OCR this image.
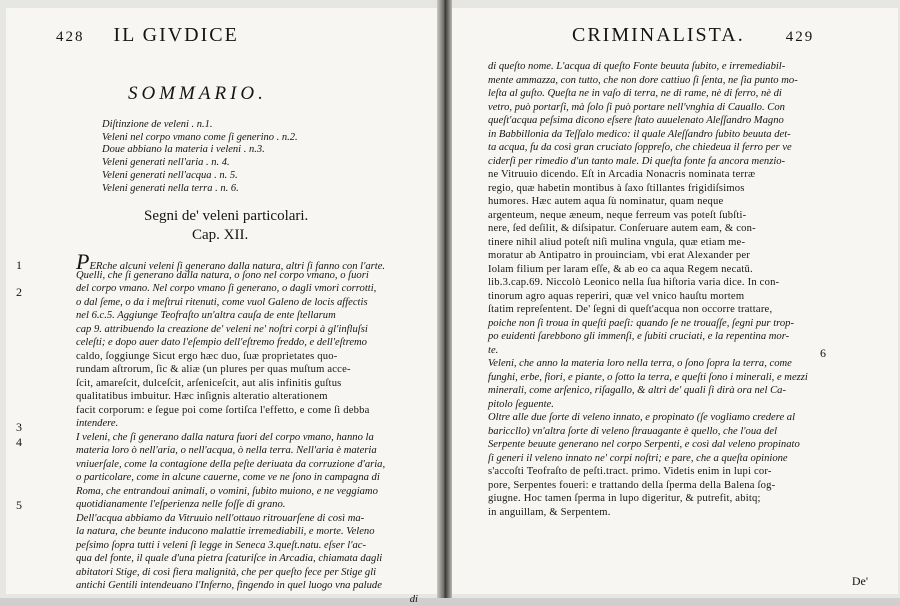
428 IL GIVDICE
SOMMARIO.
Diſtinzione de veleni . n.1.
Veleni nel corpo vmano come ſi generino . n.2.
Doue abbiano la materia i veleni . n.3.
Veleni generati nell'aria . n. 4.
Veleni generati nell'acqua . n. 5.
Veleni generati nella terra . n. 6.
Segni de' veleni particolari.
Cap. XII.
1
2
3
4
5
PERche alcuni veleni ſi generano dalla natura, altri ſi fanno con l'arte.
Quelli, che ſi generano dalla natura, o ſono nel corpo vmano, o ſuori
del corpo vmano. Nel corpo vmano ſi generano, o dagli vmori corrotti,
o dal ſeme, o da i meſtrui ritenuti, come vuol Galeno de locis affectis
nel 6.c.5. Aggiunge Teofraſto un'altra cauſa de ente ſtellarum
cap 9. attribuendo la creazione de' veleni ne' noſtri corpi à gl'influſsi
celeſti; e dopo auer dato l'eſempio dell'eſtremo freddo, e dell'eſtremo
caldo, ſoggiunge Sicut ergo hæc duo, ſuæ proprietates quo-
rundam aſtrorum, ſic & aliæ (un plures per quas muſtum acce-
ſcit, amareſcit, dulceſcit, arſeniceſcit, aut alis infinitis guſtus
qualitatibus imbuitur. Hæc inſignis alteratio alterationem
facit corporum: e ſegue poi come ſortiſca l'effetto, e come ſi debba
intendere.
I veleni, che ſi generano dalla natura fuori del corpo vmano, hanno la
materia loro ò nell'aria, o nell'acqua, ò nella terra. Nell'aria è materia
vniuerſale, come la contagione della peſte deriuata da corruzione d'aria,
o particolare, come in alcune cauerne, come ve ne ſono in campagna di
Roma, che entrandoui animali, o vomini, ſubito muiono, e ne veggiamo
quotidianamente l'eſperienza nelle foſſe di grano.
Dell'acqua abbiamo da Vitruuio nell'ottauo ritrouarſene di così ma-
la natura, che beunte inducono malattie irremediabili, e morte. Veleno
peſsimo ſopra tutti i veleni ſi legge in Seneca 3.queſt.natu. eſser l'ac-
qua del fonte, il quale d'una pietra ſcaturiſce in Arcadia, chiamata dagli
abitatori Stige, di così fiera malignità, che per queſto fece per Stige gli
antichi Gentili intendeuano l'Inferno, fingendo in quel luogo vna palude
di
CRIMINALISTA.	429
6
di queſto nome. L'acqua di queſto Fonte beuuta ſubito, e irremediabil-
mente ammazza, con tutto, che non dore cattiuo ſi ſenta, ne ſia punto mo-
leſta al guſto. Queſta ne in vaſo di terra, ne di rame, nè di ferro, nè di
vetro, può portarſi, mà ſolo ſi può portare nell'vnghia di Cauallo. Con
queſt'acqua peſsima dicono eſsere ſtato auuelenato Aleſſandro Magno
in Babbillonia da Teſſalo medico: il quale Aleſſandro ſubito beuuta det-
ta acqua, fu da così gran cruciato ſoppreſo, che chiedeua il ferro per ve
ciderſi per rimedio d'un tanto male. Di queſta fonte fa ancora menzio-
ne Vitruuio dicendo. Eſt in Arcadia Nonacris nominata terræ
regio, quæ habetin montibus à ſaxo ſtillantes frigidiſsimos
humores. Hæc autem aqua ſù nominatur, quam neque
argenteum, neque æneum, neque ferreum vas poteſt ſubſti-
nere, ſed deſilit, & diſsipatur. Conſeruare autem eam, & con-
tinere nihil aliud poteſt niſi mulina vngula, quæ etiam me-
moratur ab Antipatro in prouinciam, vbi erat Alexander per
Iolam filium per laram eſſe, & ab eo ca aqua Regem necatū.
lib.3.cap.69. Niccolò Leonico nella ſua hiſtoria varia dice. In con-
tinorum agro aquas reperiri, quæ vel vnico hauſtu mortem
ſtatim repreſentent. De' ſegni di queſt'acqua non occorre trattare,
poiche non ſi troua in queſti paeſi: quando ſe ne trouaſſe, ſegni pur trop-
po euidenti ſarebbono gli immenſi, e ſubiti cruciati, e la repentina mor-
te.
Veleni, che anno la materia loro nella terra, o ſono ſopra la terra, come
funghi, erbe, fiori, e piante, o ſotto la terra, e queſti ſono i minerali, e mezzi
minerali, come arſenico, riſagallo, & altri de' quali ſi dirà ora nel Ca-
pitolo ſeguente.
Oltre alle due ſorte di veleno innato, e propinato (ſe vogliamo credere al
bariccllo) vn'altra ſorte di veleno ſtrauagante è quello, che l'oua del
Serpente beuute generano nel corpo Serpenti, e così dal veleno propinato
ſi generi il veleno innato ne' corpi noſtri; e pare, che a queſta opinione
s'accoſti Teofraſto de peſti.tract. primo. Videtis enim in lupi cor-
pore, Serpentes foueri: e trattando della ſperma della Balena ſog-
giugne. Hoc tamen ſperma in lupo digeritur, & putrefit, abitq;
in anguillam, & Serpentem.
De'
